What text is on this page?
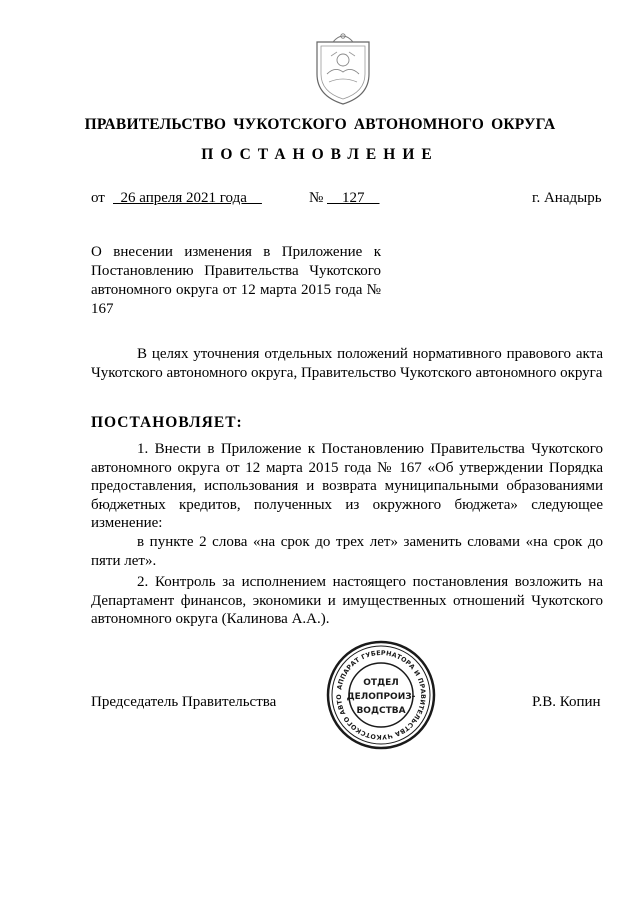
ПРАВИТЕЛЬСТВО ЧУКОТСКОГО АВТОНОМНОГО ОКРУГА
ПОСТАНОВЛЕНИЕ
от 26 апреля 2021 года	№ 127	г. Анадырь
О внесении изменения в Приложение к Постановлению Правительства Чукотского автономного округа от 12 марта 2015 года № 167
В целях уточнения отдельных положений нормативного правового акта Чукотского автономного округа, Правительство Чукотского автономного округа
ПОСТАНОВЛЯЕТ:
1. Внести в Приложение к Постановлению Правительства Чукотского автономного округа от 12 марта 2015 года № 167 «Об утверждении Порядка предоставления, использования и возврата муниципальными образованиями бюджетных кредитов, полученных из окружного бюджета» следующее изменение:
в пункте 2 слова «на срок до трех лет» заменить словами «на срок до пяти лет».
2. Контроль за исполнением настоящего постановления возложить на Департамент финансов, экономики и имущественных отношений Чукотского автономного округа (Калинова А.А.).
Председатель Правительства	Р.В. Копин
АППАРАТ ГУБЕРНАТОРА И ПРАВИТЕЛЬСТВА ЧУКОТСКОГО АВТО
ОТДЕЛ
ДЕЛОПРОИЗ-
ВОДСТВА
